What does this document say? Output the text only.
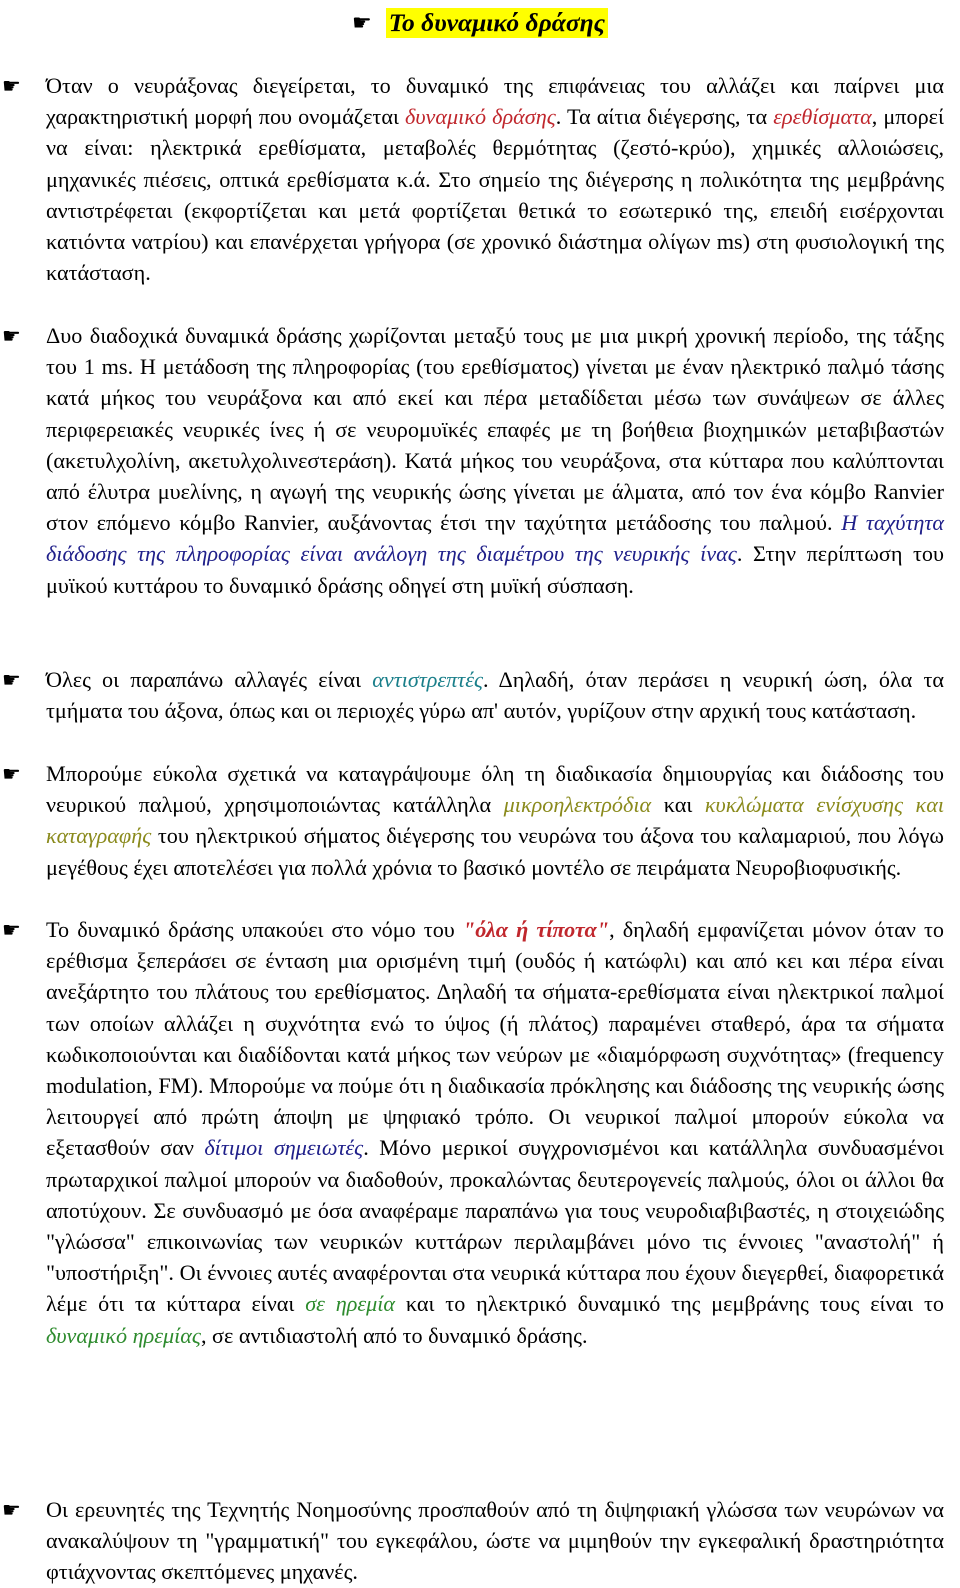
☛ Το δυναμικό δράσης
☛	Όταν ο νευράξονας διεγείρεται, το δυναμικό της επιφάνειας του αλλάζει και παίρνει μια χαρακτηριστική μορφή που ονομάζεται δυναμικό δράσης. Τα αίτια διέγερσης, τα ερεθίσματα, μπορεί να είναι: ηλεκτρικά ερεθίσματα, μεταβολές θερμότητας (ζεστό-κρύο), χημικές αλλοιώσεις, μηχανικές πιέσεις, οπτικά ερεθίσματα κ.ά. Στο σημείο της διέγερσης η πολικότητα της μεμβράνης αντιστρέφεται (εκφορτίζεται και μετά φορτίζεται θετικά το εσωτερικό της, επειδή εισέρχονται κατιόντα νατρίου) και επανέρχεται γρήγορα (σε χρονικό διάστημα ολίγων ms) στη φυσιολογική της κατάσταση.
☛	Δυο διαδοχικά δυναμικά δράσης χωρίζονται μεταξύ τους με μια μικρή χρονική περίοδο, της τάξης του 1 ms. Η μετάδοση της πληροφορίας (του ερεθίσματος) γίνεται με έναν ηλεκτρικό παλμό τάσης κατά μήκος του νευράξονα και από εκεί και πέρα μεταδίδεται μέσω των συνάψεων σε άλλες περιφερειακές νευρικές ίνες ή σε νευρομυϊκές επαφές με τη βοήθεια βιοχημικών μεταβιβαστών (ακετυλχολίνη, ακετυλχολινεστεράση). Κατά μήκος του νευράξονα, στα κύτταρα που καλύπτονται από έλυτρα μυελίνης, η αγωγή της νευρικής ώσης γίνεται με άλματα, από τον ένα κόμβο Ranvier στον επόμενο κόμβο Ranvier, αυξάνοντας έτσι την ταχύτητα μετάδοσης του παλμού. Η ταχύτητα διάδοσης της πληροφορίας είναι ανάλογη της διαμέτρου της νευρικής ίνας. Στην περίπτωση του μυϊκού κυττάρου το δυναμικό δράσης οδηγεί στη μυϊκή σύσπαση.
☛	Όλες οι παραπάνω αλλαγές είναι αντιστρεπτές. Δηλαδή, όταν περάσει η νευρική ώση, όλα τα τμήματα του άξονα, όπως και οι περιοχές γύρω απ' αυτόν, γυρίζουν στην αρχική τους κατάσταση.
☛	Μπορούμε εύκολα σχετικά να καταγράψουμε όλη τη διαδικασία δημιουργίας και διάδοσης του νευρικού παλμού, χρησιμοποιώντας κατάλληλα μικροηλεκτρόδια και κυκλώματα ενίσχυσης και καταγραφής του ηλεκτρικού σήματος διέγερσης του νευρώνα του άξονα του καλαμαριού, που λόγω μεγέθους έχει αποτελέσει για πολλά χρόνια το βασικό μοντέλο σε πειράματα Νευροβιοφυσικής.
☛	Το δυναμικό δράσης υπακούει στο νόμο του "όλα ή τίποτα", δηλαδή εμφανίζεται μόνον όταν το ερέθισμα ξεπεράσει σε ένταση μια ορισμένη τιμή (ουδός ή κατώφλι) και από κει και πέρα είναι ανεξάρτητο του πλάτους του ερεθίσματος. Δηλαδή τα σήματα-ερεθίσματα είναι ηλεκτρικοί παλμοί των οποίων αλλάζει η συχνότητα ενώ το ύψος (ή πλάτος) παραμένει σταθερό, άρα τα σήματα κωδικοποιούνται και διαδίδονται κατά μήκος των νεύρων με «διαμόρφωση συχνότητας» (frequency modulation, FM). Μπορούμε να πούμε ότι η διαδικασία πρόκλησης και διάδοσης της νευρικής ώσης λειτουργεί από πρώτη άποψη με ψηφιακό τρόπο. Οι νευρικοί παλμοί μπορούν εύκολα να εξετασθούν σαν δίτιμοι σημειωτές. Μόνο μερικοί συγχρονισμένοι και κατάλληλα συνδυασμένοι πρωταρχικοί παλμοί μπορούν να διαδοθούν, προκαλώντας δευτερογενείς παλμούς, όλοι οι άλλοι θα αποτύχουν. Σε συνδυασμό με όσα αναφέραμε παραπάνω για τους νευροδιαβιβαστές, η στοιχειώδης "γλώσσα" επικοινωνίας των νευρικών κυττάρων περιλαμβάνει μόνο τις έννοιες "αναστολή" ή "υποστήριξη". Οι έννοιες αυτές αναφέρονται στα νευρικά κύτταρα που έχουν διεγερθεί, διαφορετικά λέμε ότι τα κύτταρα είναι σε ηρεμία και το ηλεκτρικό δυναμικό της μεμβράνης τους είναι το δυναμικό ηρεμίας, σε αντιδιαστολή από το δυναμικό δράσης.
☛	Οι ερευνητές της Τεχνητής Νοημοσύνης προσπαθούν από τη διψηφιακή γλώσσα των νευρώνων να ανακαλύψουν τη "γραμματική" του εγκεφάλου, ώστε να μιμηθούν την εγκεφαλική δραστηριότητα φτιάχνοντας σκεπτόμενες μηχανές.
